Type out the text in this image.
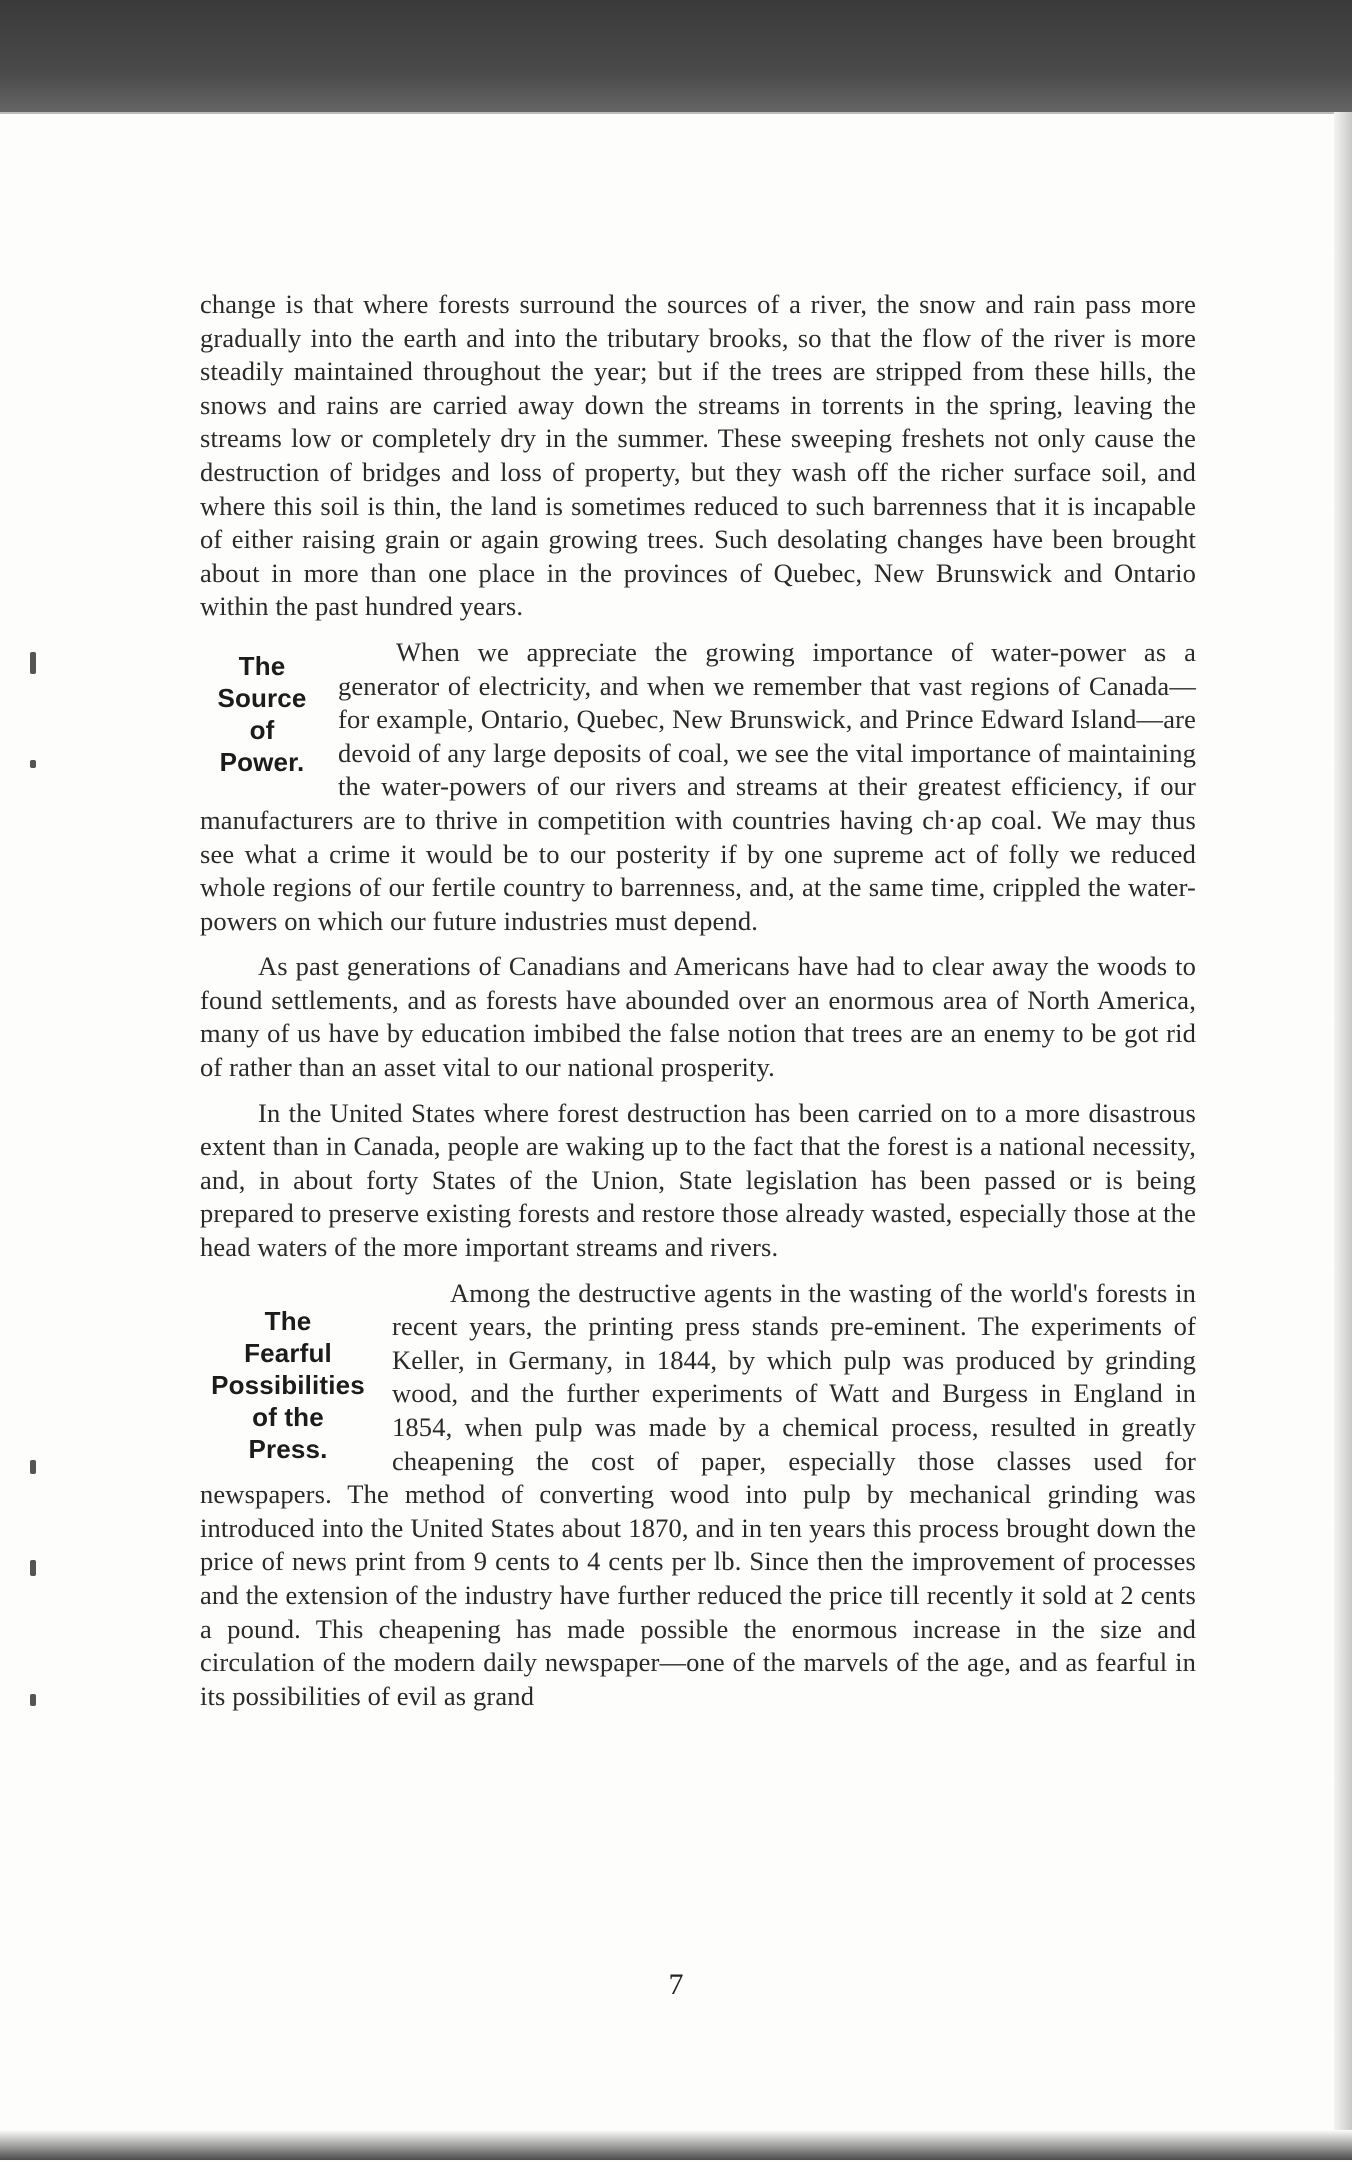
change is that where forests surround the sources of a river, the snow and rain pass more gradually into the earth and into the tributary brooks, so that the flow of the river is more steadily maintained throughout the year; but if the trees are stripped from these hills, the snows and rains are carried away down the streams in torrents in the spring, leaving the streams low or completely dry in the summer. These sweeping freshets not only cause the destruction of bridges and loss of property, but they wash off the richer surface soil, and where this soil is thin, the land is sometimes reduced to such barrenness that it is incapable of either raising grain or again growing trees. Such desolating changes have been brought about in more than one place in the provinces of Quebec, New Brunswick and Ontario within the past hundred years.

The
Source
of
Power.

When we appreciate the growing importance of water-power as a generator of electricity, and when we remember that vast regions of Canada—for example, Ontario, Quebec, New Brunswick, and Prince Edward Island—are devoid of any large deposits of coal, we see the vital importance of maintaining the water-powers of our rivers and streams at their greatest efficiency, if our manufacturers are to thrive in competition with countries having ch·ap coal. We may thus see what a crime it would be to our posterity if by one supreme act of folly we reduced whole regions of our fertile country to barrenness, and, at the same time, crippled the water-powers on which our future industries must depend.

As past generations of Canadians and Americans have had to clear away the woods to found settlements, and as forests have abounded over an enormous area of North America, many of us have by education imbibed the false notion that trees are an enemy to be got rid of rather than an asset vital to our national prosperity.

In the United States where forest destruction has been carried on to a more disastrous extent than in Canada, people are waking up to the fact that the forest is a national necessity, and, in about forty States of the Union, State legislation has been passed or is being prepared to preserve existing forests and restore those already wasted, especially those at the head waters of the more important streams and rivers.

The
Fearful
Possibilities
of the
Press.

Among the destructive agents in the wasting of the world's forests in recent years, the printing press stands pre-eminent. The experiments of Keller, in Germany, in 1844, by which pulp was produced by grinding wood, and the further experiments of Watt and Burgess in England in 1854, when pulp was made by a chemical process, resulted in greatly cheapening the cost of paper, especially those classes used for newspapers. The method of converting wood into pulp by mechanical grinding was introduced into the United States about 1870, and in ten years this process brought down the price of news print from 9 cents to 4 cents per lb. Since then the improvement of processes and the extension of the industry have further reduced the price till recently it sold at 2 cents a pound. This cheapening has made possible the enormous increase in the size and circulation of the modern daily newspaper—one of the marvels of the age, and as fearful in its possibilities of evil as grand

7
